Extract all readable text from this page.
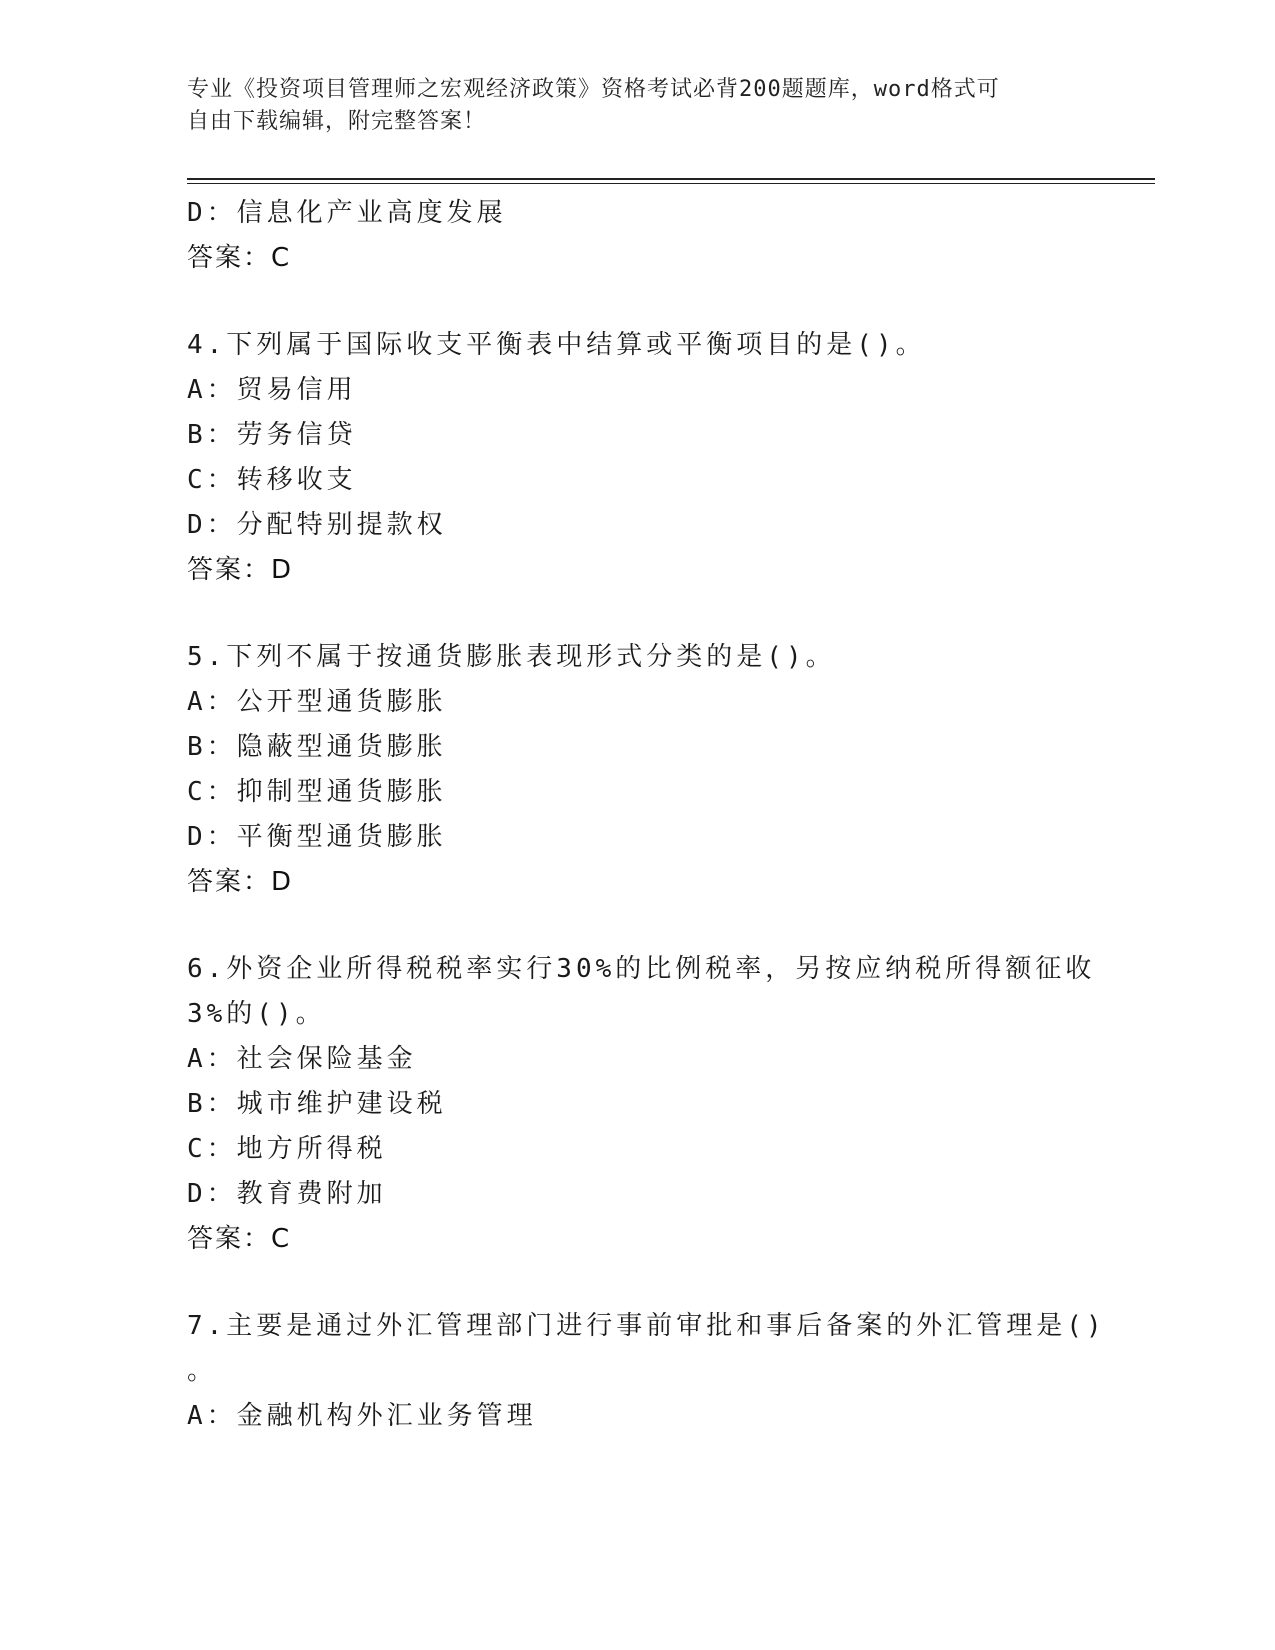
专业《投资项目管理师之宏观经济政策》资格考试必背200题题库，word格式可
自由下载编辑，附完整答案！
D：信息化产业高度发展
答案：C
4.下列属于国际收支平衡表中结算或平衡项目的是()。
A：贸易信用
B：劳务信贷
C：转移收支
D：分配特别提款权
答案：D
5.下列不属于按通货膨胀表现形式分类的是()。
A：公开型通货膨胀
B：隐蔽型通货膨胀
C：抑制型通货膨胀
D：平衡型通货膨胀
答案：D
6.外资企业所得税税率实行30%的比例税率，另按应纳税所得额征收
3%的()。
A：社会保险基金
B：城市维护建设税
C：地方所得税
D：教育费附加
答案：C
7.主要是通过外汇管理部门进行事前审批和事后备案的外汇管理是()
。
A：金融机构外汇业务管理
